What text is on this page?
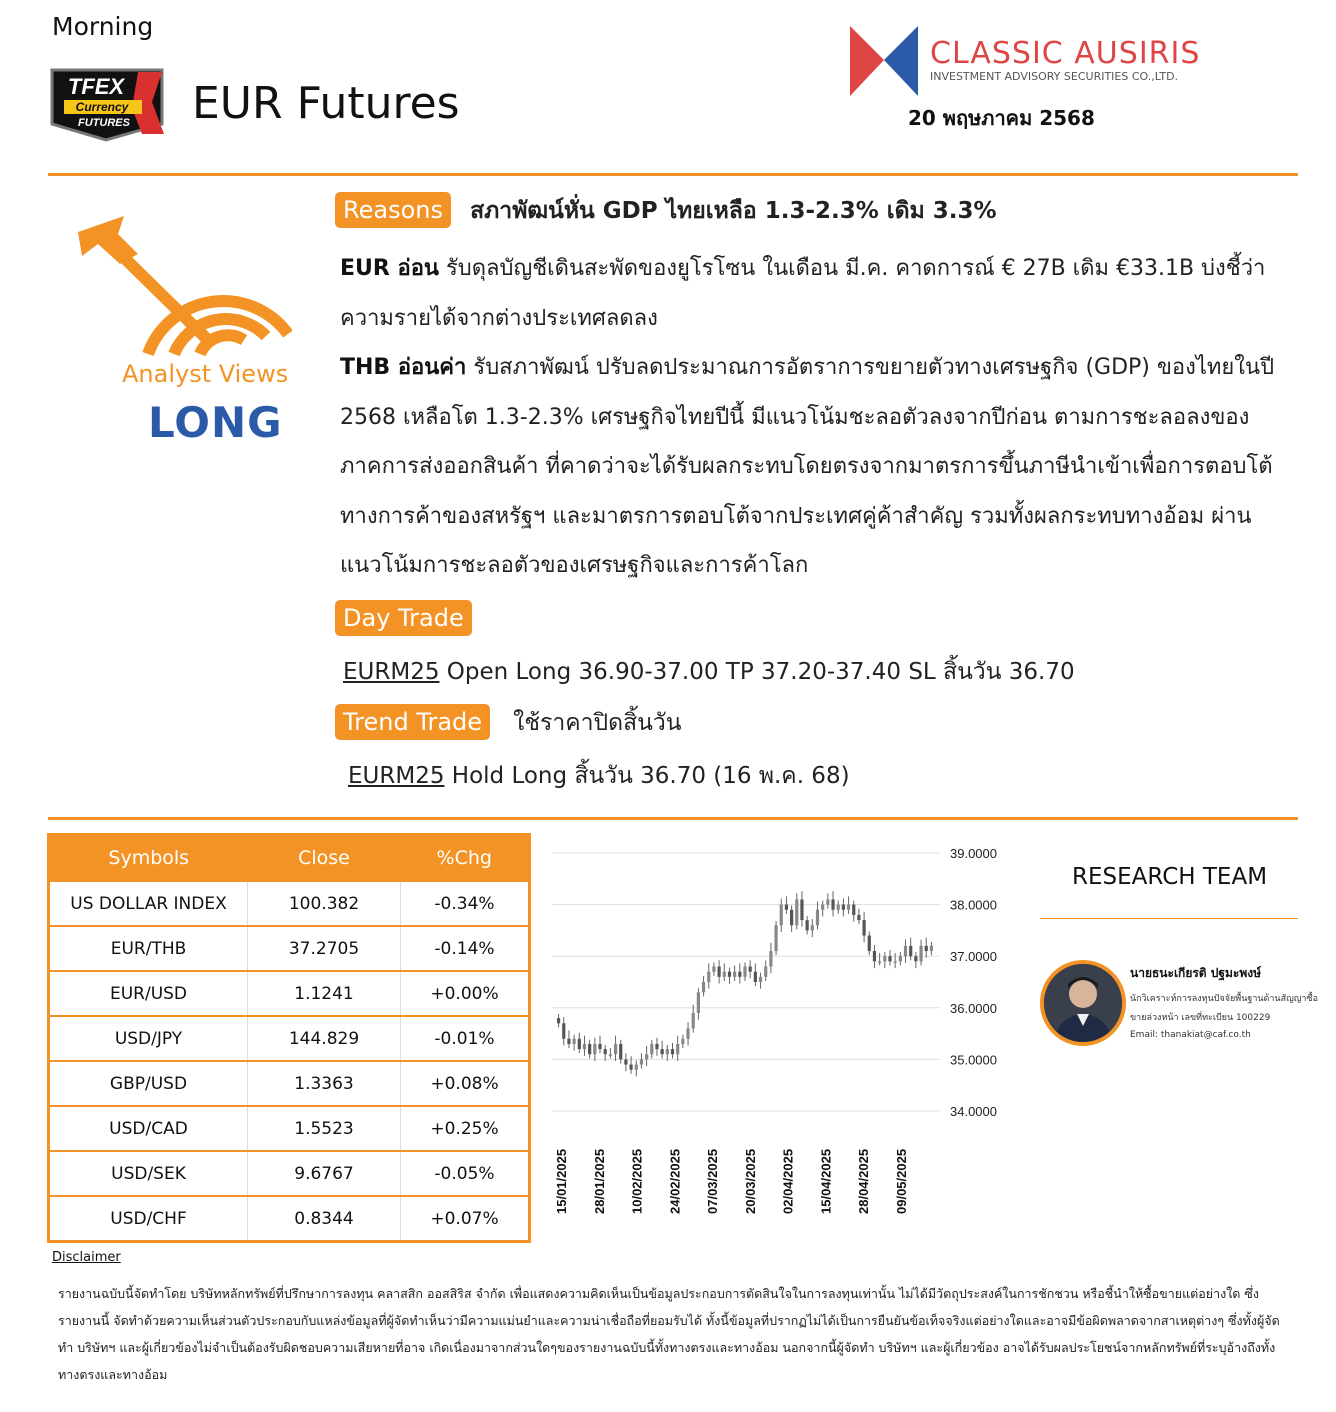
Morning
TFEX
Currency
FUTURES EUR Futures
CLASSIC AUSIRIS
INVESTMENT ADVISORY SECURITIES CO.,LTD.
20 พฤษภาคม 2568
Analyst Views
LONG
Reasons สภาพัฒน์หั่น GDP ไทยเหลือ 1.3-2.3% เดิม 3.3%
EUR อ่อน รับดุลบัญชีเดินสะพัดของยูโรโซน ในเดือน มี.ค. คาดการณ์ € 27B เดิม €33.1B บ่งชี้ว่าความรายได้จากต่างประเทศลดลง
THB อ่อนค่า รับสภาพัฒน์ ปรับลดประมาณการอัตราการขยายตัวทางเศรษฐกิจ (GDP) ของไทยในปี 2568 เหลือโต 1.3-2.3% เศรษฐกิจไทยปีนี้ มีแนวโน้มชะลอตัวลงจากปีก่อน ตามการชะลอลงของภาคการส่งออกสินค้า ที่คาดว่าจะได้รับผลกระทบโดยตรงจากมาตรการขึ้นภาษีนำเข้าเพื่อการตอบโต้ทางการค้าของสหรัฐฯ และมาตรการตอบโต้จากประเทศคู่ค้าสำคัญ รวมทั้งผลกระทบทางอ้อม ผ่านแนวโน้มการชะลอตัวของเศรษฐกิจและการค้าโลก
Day Trade
EURM25 Open Long 36.90-37.00 TP 37.20-37.40 SL สิ้นวัน 36.70
Trend Trade ใช้ราคาปิดสิ้นวัน
EURM25 Hold Long สิ้นวัน 36.70 (16 พ.ค. 68)
Symbols	Close	%Chg
US DOLLAR INDEX	100.382	-0.34%
EUR/THB	37.2705	-0.14%
EUR/USD	1.1241	+0.00%
USD/JPY	144.829	-0.01%
GBP/USD	1.3363	+0.08%
USD/CAD	1.5523	+0.25%
USD/SEK	9.6767	-0.05%
USD/CHF	0.8344	+0.07%
39.0000
38.0000
37.0000
36.0000
35.0000
34.0000
15/01/2025 28/01/2025 10/02/2025 24/02/2025 07/03/2025 20/03/2025 02/04/2025 15/04/2025 28/04/2025 09/05/2025
RESEARCH TEAM
นายธนะเกียรติ ปฐมะพงษ์
นักวิเคราะห์การลงทุนปัจจัยพื้นฐานด้านสัญญาซื้อขายล่วงหน้า เลขที่ทะเบียน 100229
Email: thanakiat@caf.co.th
Disclaimer
รายงานฉบับนี้จัดทำโดย บริษัทหลักทรัพย์ที่ปรึกษาการลงทุน คลาสสิก ออสสิริส จำกัด เพื่อแสดงความคิดเห็นเป็นข้อมูลประกอบการตัดสินใจในการลงทุนเท่านั้น ไม่ได้มีวัตถุประสงค์ในการชักชวน หรือชี้นำให้ซื้อขายแต่อย่างใด ซึ่งรายงานนี้ จัดทำด้วยความเห็นส่วนตัวประกอบกับแหล่งข้อมูลที่ผู้จัดทำเห็นว่ามีความแม่นยำและความน่าเชื่อถือที่ยอมรับได้ ทั้งนี้ข้อมูลที่ปรากฏไม่ได้เป็นการยืนยันข้อเท็จจริงแต่อย่างใดและอาจมีข้อผิดพลาดจากสาเหตุต่างๆ ซึ่งทั้งผู้จัดทำ บริษัทฯ และผู้เกี่ยวข้องไม่จำเป็นต้องรับผิดชอบความเสียหายที่อาจ เกิดเนื่องมาจากส่วนใดๆของรายงานฉบับนี้ทั้งทางตรงและทางอ้อม นอกจากนี้ผู้จัดทำ บริษัทฯ และผู้เกี่ยวข้อง อาจได้รับผลประโยชน์จากหลักทรัพย์ที่ระบุอ้างถึงทั้งทางตรงและทางอ้อม
